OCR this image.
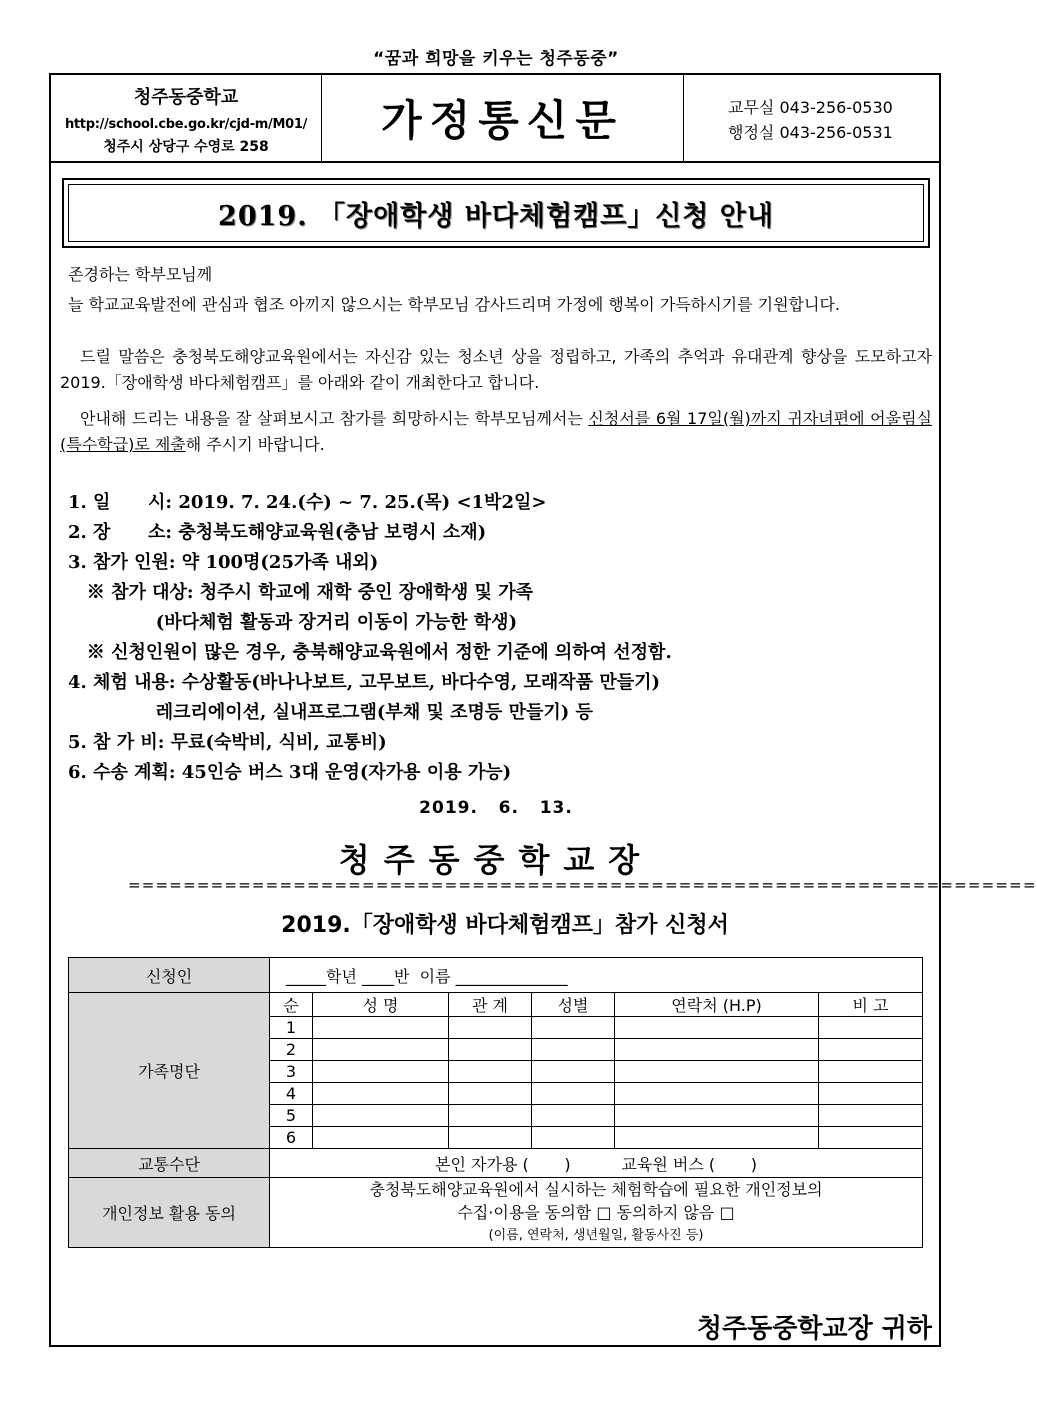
“꿈과 희망을 키우는 청주동중”
청주동중학교
http://school.cbe.go.kr/cjd-m/M01/
청주시 상당구 수영로 258
가정통신문	교무실 043-256-0530
행정실 043-256-0531
2019. 「장애학생 바다체험캠프」신청 안내
존경하는 학부모님께
늘 학교교육발전에 관심과 협조 아끼지 않으시는 학부모님 감사드리며 가정에 행복이 가득하시기를 기원합니다.
드릴 말씀은 충청북도해양교육원에서는 자신감 있는 청소년 상을 정립하고, 가족의 추억과 유대관계 향상을 도모하고자 2019.「장애학생 바다체험캠프」를 아래와 같이 개최한다고 합니다.
안내해 드리는 내용을 잘 살펴보시고 참가를 희망하시는 학부모님께서는 신청서를 6월 17일(월)까지 귀자녀편에 어울림실(특수학급)로 제출해 주시기 바랍니다.
1. 일      시: 2019. 7. 24.(수) ~ 7. 25.(목) <1박2일>
2. 장      소: 충청북도해양교육원(충남 보령시 소재)
3. 참가 인원: 약 100명(25가족 내외)
※ 참가 대상: 청주시 학교에 재학 중인 장애학생 및 가족
(바다체험 활동과 장거리 이동이 가능한 학생)
※ 신청인원이 많은 경우, 충북해양교육원에서 정한 기준에 의하여 선정함.
4. 체험 내용: 수상활동(바나나보트, 고무보트, 바다수영, 모래작품 만들기)
레크리에이션, 실내프로그램(부채 및 조명등 만들기) 등
5. 참 가 비: 무료(숙박비, 식비, 교통비)
6. 수송 계획: 45인승 버스 3대 운영(자가용 이용 가능)
2019.   6.   13.
청주동중학교장
==================================================================
2019.「장애학생 바다체험캠프」참가 신청서
신청인	_____학년 ____반  이름 ______________					
가족명단	순	성 명	관 계	성별	연락처 (H.P)	비 고
	1					
	2					
	3					
	4					
	5					
	6					
교통수단	본인 자가용 (       )          교육원 버스 (       )					
개인정보 활용 동의	충청북도해양교육원에서 실시하는 체험학습에 필요한 개인정보의
수집·이용을 동의함 □ 동의하지 않음 □
(이름, 연락처, 생년월일, 활동사진 등)					
청주동중학교장 귀하
